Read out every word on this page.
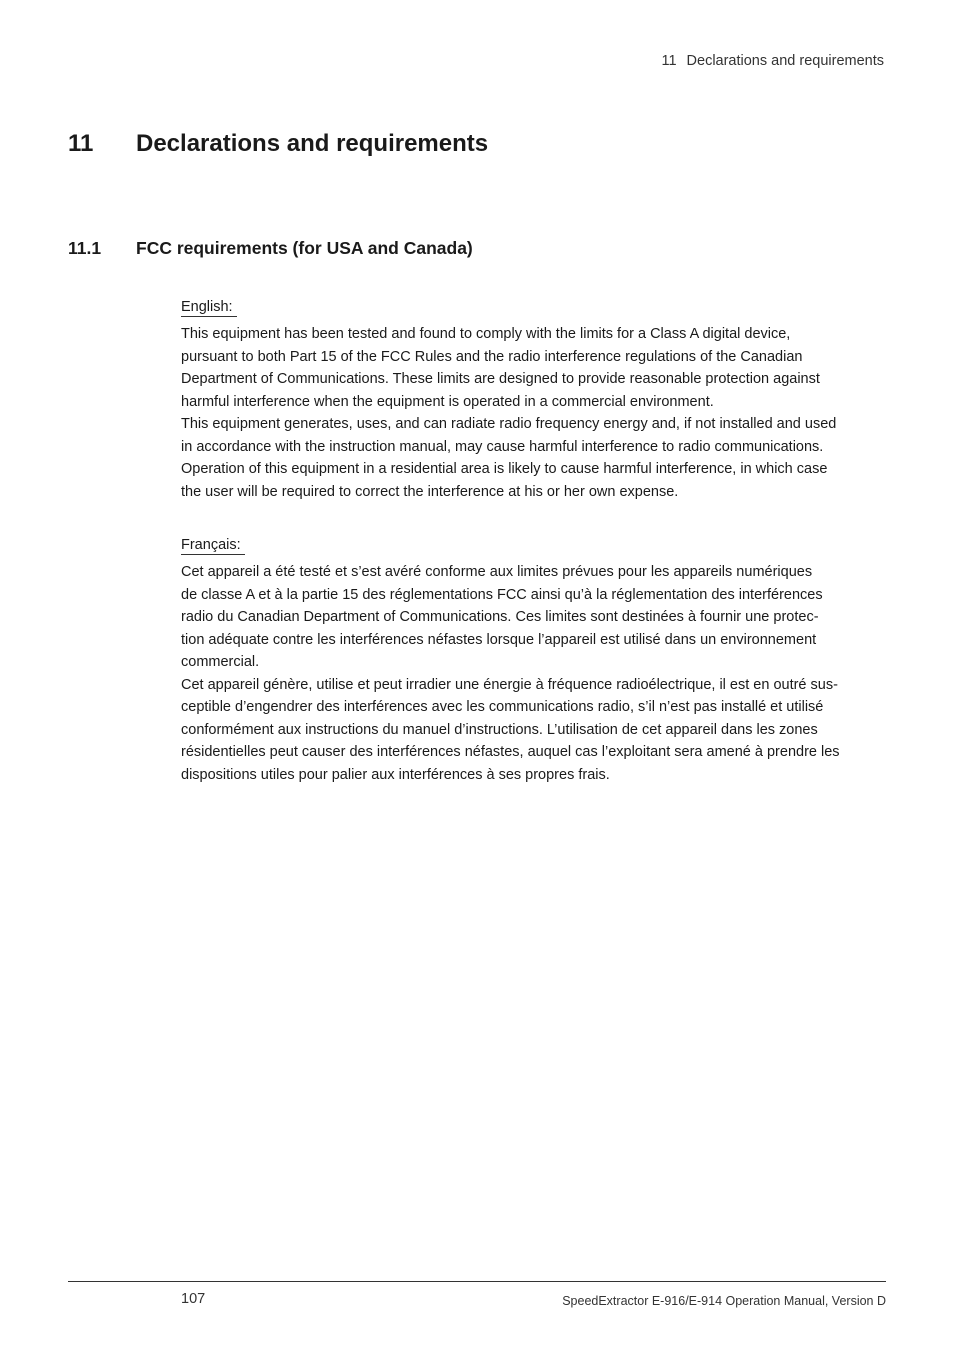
11 Declarations and requirements
11 Declarations and requirements
11.1 FCC requirements (for USA and Canada)
English:

This equipment has been tested and found to comply with the limits for a Class A digital device,

pursuant to both Part 15 of the FCC Rules and the radio interference regulations of the Canadian

Department of Communications. These limits are designed to provide reasonable protection against

harmful interference when the equipment is operated in a commercial environment.

This equipment generates, uses, and can radiate radio frequency energy and, if not installed and used

in accordance with the instruction manual, may cause harmful interference to radio communications.

Operation of this equipment in a residential area is likely to cause harmful interference, in which case

the user will be required to correct the interference at his or her own expense.

Français:

Cet appareil a été testé et s’est avéré conforme aux limites prévues pour les appareils numériques

de classe A et à la partie 15 des réglementations FCC ainsi qu’à la réglementation des interférences

radio du Canadian Department of Communications. Ces limites sont destinées à fournir une protec-

tion adéquate contre les interférences néfastes lorsque l’appareil est utilisé dans un environnement

commercial.

Cet appareil génère, utilise et peut irradier une énergie à fréquence radioélectrique, il est en outré sus-

ceptible d’engendrer des interférences avec les communications radio, s’il n’est pas installé et utilisé

conformément aux instructions du manuel d’instructions. L’utilisation de cet appareil dans les zones

résidentielles peut causer des interférences néfastes, auquel cas l’exploitant sera amené à prendre les

dispositions utiles pour palier aux interférences à ses propres frais.

107	SpeedExtractor E-916/E-914 Operation Manual, Version D
